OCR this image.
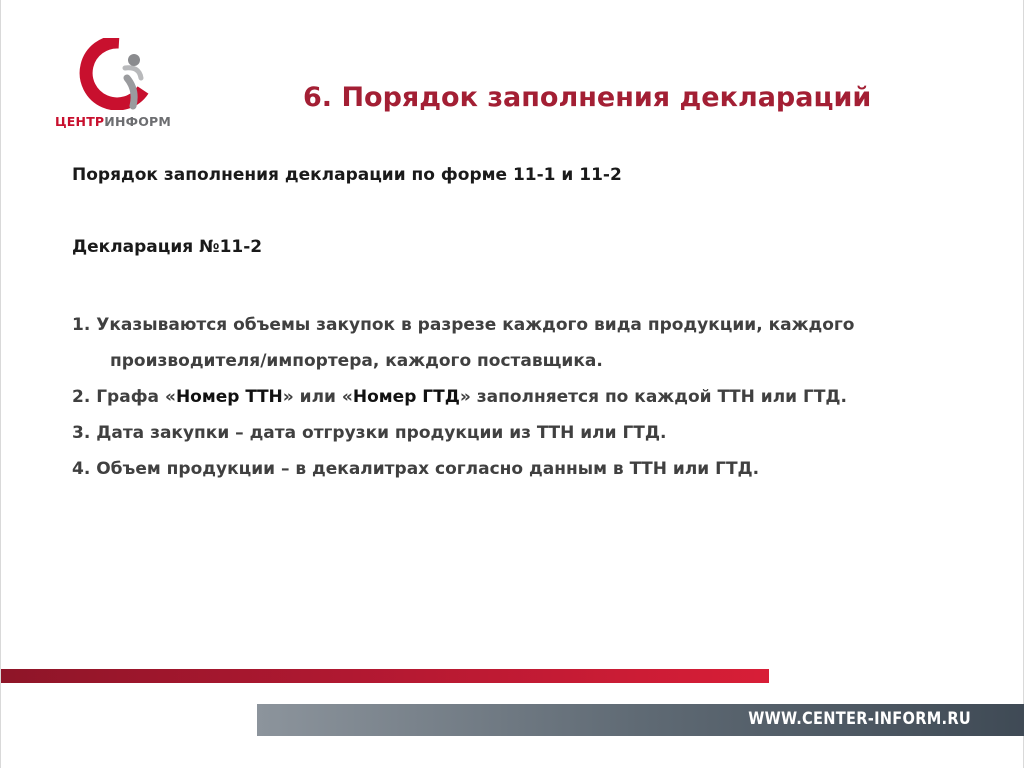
ЦЕНТРИНФОРМ
6. Порядок заполнения деклараций
Порядок заполнения декларации по форме 11-1 и 11-2
Декларация №11-2
1. Указываются объемы закупок в разрезе каждого вида продукции, каждого производителя/импортера, каждого поставщика.
2. Графа «Номер ТТН» или «Номер ГТД» заполняется по каждой ТТН или ГТД.
3. Дата закупки – дата отгрузки продукции из ТТН или ГТД.
4. Объем продукции – в декалитрах согласно данным в ТТН или ГТД.
WWW.CENTER-INFORM.RU
